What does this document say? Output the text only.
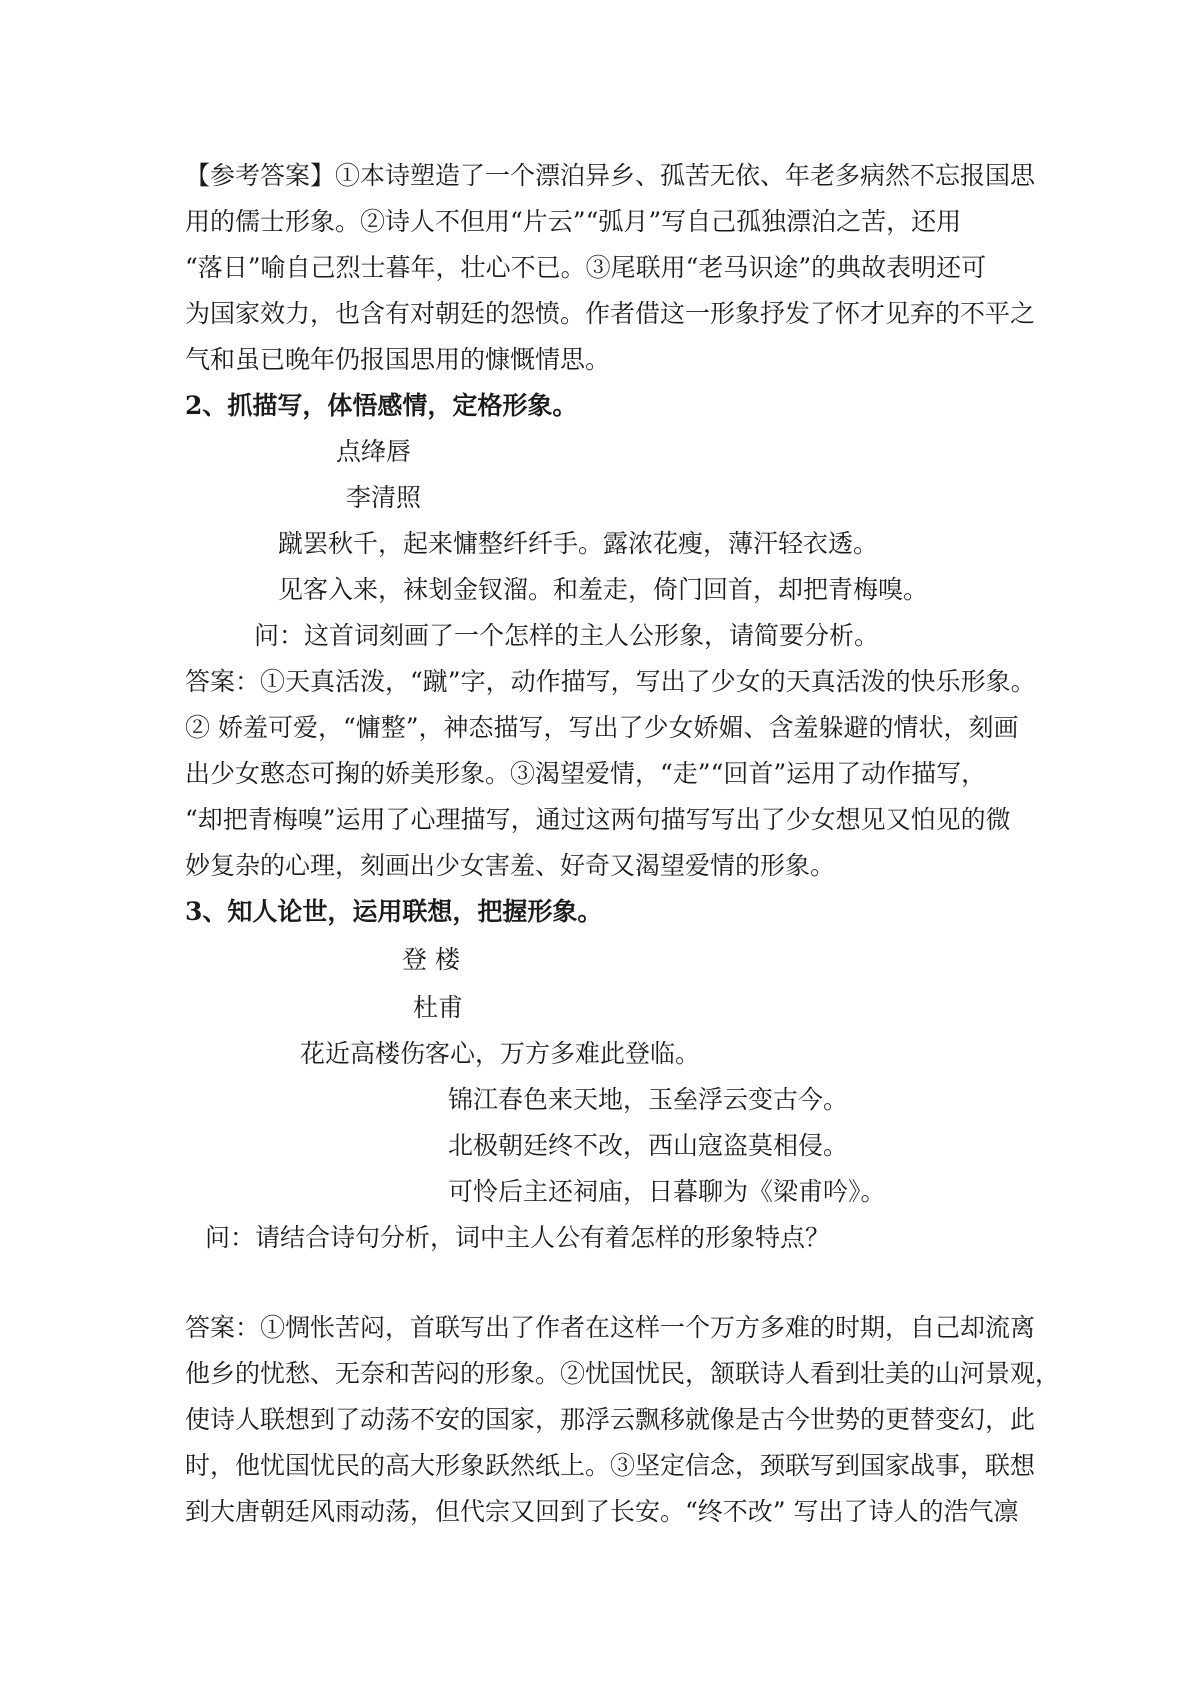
【参考答案】①本诗塑造了一个漂泊异乡、孤苦无依、年老多病然不忘报国思
用的儒士形象。②诗人不但用“片云”“弧月”写自己孤独漂泊之苦，还用
“落日”喻自己烈士暮年，壮心不已。③尾联用“老马识途”的典故表明还可
为国家效力，也含有对朝廷的怨愤。作者借这一形象抒发了怀才见弃的不平之
气和虽已晚年仍报国思用的慷慨情思。
2、抓描写，体悟感情，定格形象。
点绛唇
李清照
蹴罢秋千，起来慵整纤纤手。露浓花瘦，薄汗轻衣透。
见客入来，袜刬金钗溜。和羞走，倚门回首，却把青梅嗅。
问：这首词刻画了一个怎样的主人公形象，请简要分析。
答案：①天真活泼，“蹴”字，动作描写，写出了少女的天真活泼的快乐形象。
② 娇羞可爱，“慵整”，神态描写，写出了少女娇媚、含羞躲避的情状，刻画
出少女憨态可掬的娇美形象。③渴望爱情，“走”“回首”运用了动作描写，
“却把青梅嗅”运用了心理描写，通过这两句描写写出了少女想见又怕见的微
妙复杂的心理，刻画出少女害羞、好奇又渴望爱情的形象。
3、知人论世，运用联想，把握形象。
登 楼
杜甫
花近高楼伤客心，万方多难此登临。
锦江春色来天地，玉垒浮云变古今。
北极朝廷终不改，西山寇盗莫相侵。
可怜后主还祠庙，日暮聊为《梁甫吟》。
问：请结合诗句分析，词中主人公有着怎样的形象特点？
答案：①惆怅苦闷，首联写出了作者在这样一个万方多难的时期，自己却流离
他乡的忧愁、无奈和苦闷的形象。②忧国忧民，颔联诗人看到壮美的山河景观，
使诗人联想到了动荡不安的国家，那浮云飘移就像是古今世势的更替变幻，此
时，他忧国忧民的高大形象跃然纸上。③坚定信念，颈联写到国家战事，联想
到大唐朝廷风雨动荡，但代宗又回到了长安。“终不改” 写出了诗人的浩气凛
